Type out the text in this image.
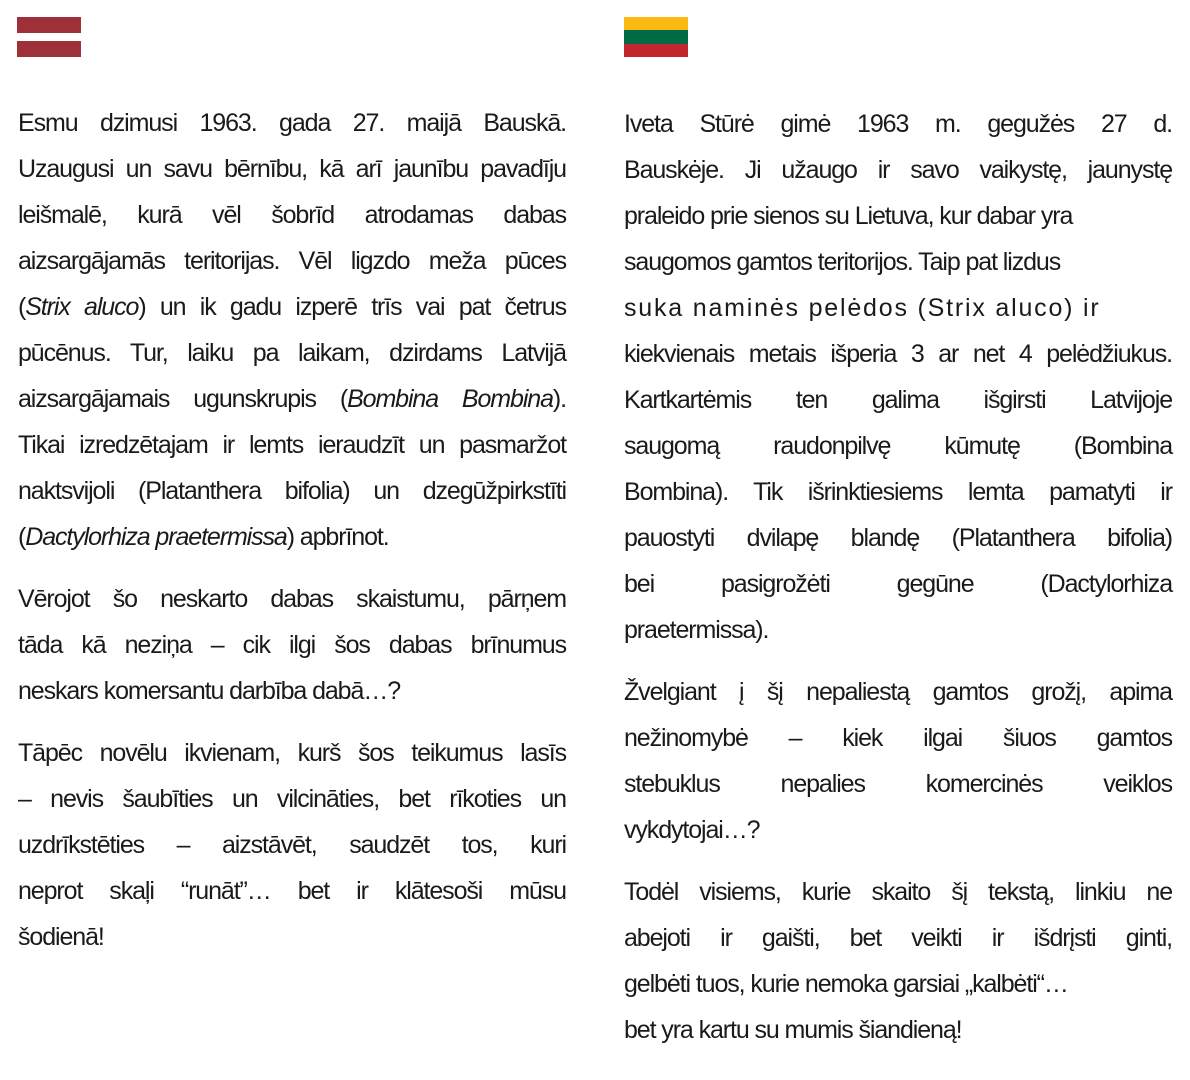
Esmu dzimusi 1963. gada 27. maijā Bauskā.
Uzaugusi un savu bērnību, kā arī jaunību pavadīju
leišmalē, kurā vēl šobrīd atrodamas dabas
aizsargājamās teritorijas. Vēl ligzdo meža pūces
(Strix aluco) un ik gadu izperē trīs vai pat četrus
pūcēnus. Tur, laiku pa laikam, dzirdams Latvijā
aizsargājamais ugunskrupis (Bombina Bombina).
Tikai izredzētajam ir lemts ieraudzīt un pasmaržot
naktsvijoli (Platanthera bifolia) un dzegūžpirkstīti
(Dactylorhiza praetermissa) apbrīnot.

Vērojot šo neskarto dabas skaistumu, pārņem
tāda kā neziņa – cik ilgi šos dabas brīnumus
neskars komersantu darbība dabā…?

Tāpēc novēlu ikvienam, kurš šos teikumus lasīs
– nevis šaubīties un vilcināties, bet rīkoties un
uzdrīkstēties – aizstāvēt, saudzēt tos, kuri
neprot skaļi “runāt”… bet ir klātesoši mūsu
šodienā!

Iveta Stūrė gimė 1963 m. gegužės 27 d.
Bauskėje. Ji užaugo ir savo vaikystę, jaunystę
praleido prie sienos su Lietuva, kur dabar yra
saugomos gamtos teritorijos. Taip pat lizdus
suka naminės pelėdos (Strix aluco) ir
kiekvienais metais išperia 3 ar net 4 pelėdžiukus.
Kartkartėmis ten galima išgirsti Latvijoje
saugomą raudonpilvę kūmutę (Bombina
Bombina). Tik išrinktiesiems lemta pamatyti ir
pauostyti dvilapę blandę (Platanthera bifolia)
bei pasigrožėti gegūne (Dactylorhiza
praetermissa).

Žvelgiant į šį nepaliestą gamtos grožį, apima
nežinomybė – kiek ilgai šiuos gamtos
stebuklus nepalies komercinės veiklos
vykdytojai…?

Todėl visiems, kurie skaito šį tekstą, linkiu ne
abejoti ir gaišti, bet veikti ir išdrįsti ginti,
gelbėti tuos, kurie nemoka garsiai „kalbėti“…
bet yra kartu su mumis šiandieną!
